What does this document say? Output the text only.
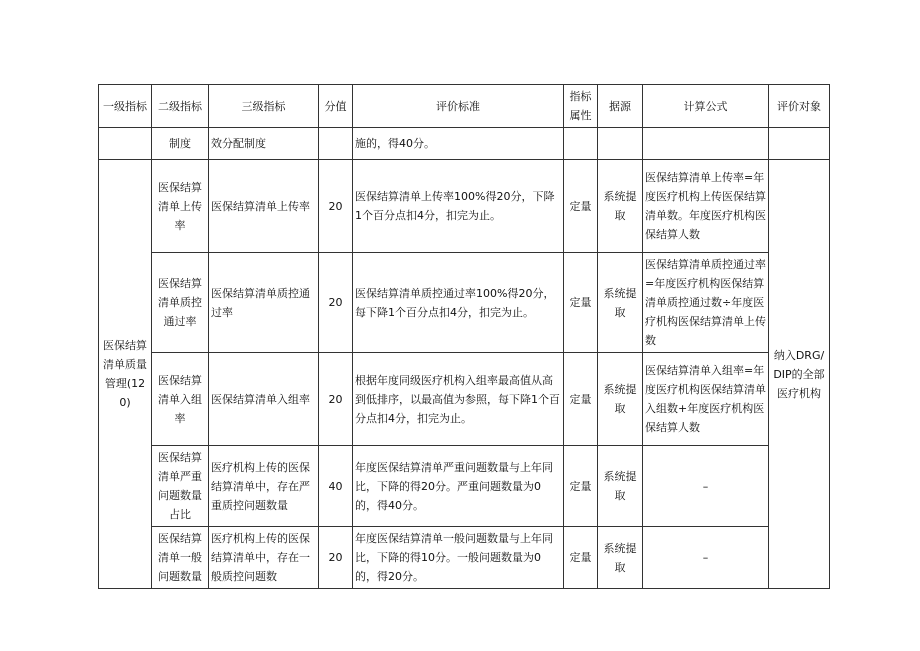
一级指标	二级指标	三级指标	分值	评价标准	指标属性	据源	计算公式	评价对象
	制度	效分配制度		施的，得40分。				
医保结算清单质量管理(120)	医保结算清单上传率	医保结算清单上传率	20	医保结算清单上传率100%得20分，下降1个百分点扣4分，扣完为止。	定量	系统提取	医保结算清单上传率=年度医疗机构上传医保结算清单数。年度医疗机构医保结算人数	纳入DRG/DIP的全部医疗机构
	医保结算清单质控通过率	医保结算清单质控通过率	20	医保结算清单质控通过率100%得20分，每下降1个百分点扣4分，扣完为止。	定量	系统提取	医保结算清单质控通过率=年度医疗机构医保结算清单质控通过数÷年度医疗机构医保结算清单上传数	
	医保结算清单入组率	医保结算清单入组率	20	根据年度同级医疗机构入组率最高值从高到低排序，以最高值为参照，每下降1个百分点扣4分，扣完为止。	定量	系统提取	医保结算清单入组率=年度医疗机构医保结算清单入组数+年度医疗机构医保结算人数	
	医保结算清单严重问题数量占比	医疗机构上传的医保结算清单中，存在严重质控问题数量	40	年度医保结算清单严重问题数量与上年同比，下降的得20分。严重问题数量为0的，得40分。	定量	系统提取	–	
	医保结算清单一般问题数量	医疗机构上传的医保结算清单中，存在一般质控问题数	20	年度医保结算清单一般问题数量与上年同比，下降的得10分。一般问题数量为0的，得20分。	定量	系统提取	–	
